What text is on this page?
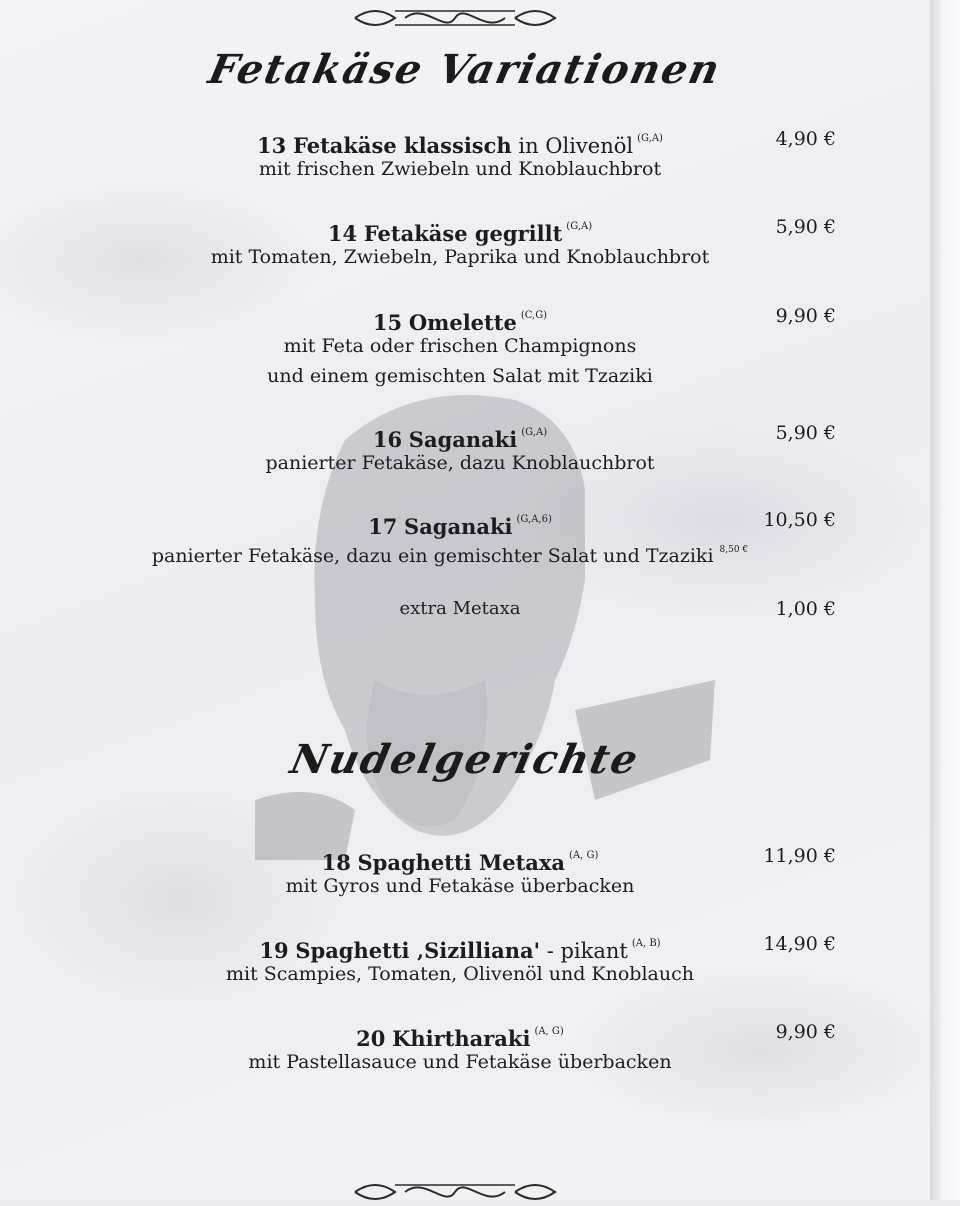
Fetakäse Variationen
13 Fetakäse klassisch in Olivenöl $^{(G,A)}$	4,90 €
mit frischen Zwiebeln und Knoblauchbrot
14 Fetakäse gegrillt $^{(G,A)}$	5,90 €
mit Tomaten, Zwiebeln, Paprika und Knoblauchbrot
15 Omelette $^{(C,G)}$	9,90 €
mit Feta oder frischen Champignons
und einem gemischten Salat mit Tzaziki
16 Saganaki $^{(G,A)}$	5,90 €
panierter Fetakäse, dazu Knoblauchbrot
17 Saganaki $^{(G,A,6)}$	10,50 €
panierter Fetakäse, dazu ein gemischter Salat und Tzaziki $^{8,50 €}$
extra Metaxa	1,00 €
Nudelgerichte
18 Spaghetti Metaxa $^{(A, G)}$	11,90 €
mit Gyros und Fetakäse überbacken
19 Spaghetti ‚Sizilliana' - pikant $^{(A, B)}$	14,90 €
mit Scampies, Tomaten, Olivenöl und Knoblauch
20 Khirtharaki $^{(A, G)}$	9,90 €
mit Pastellasauce und Fetakäse überbacken
